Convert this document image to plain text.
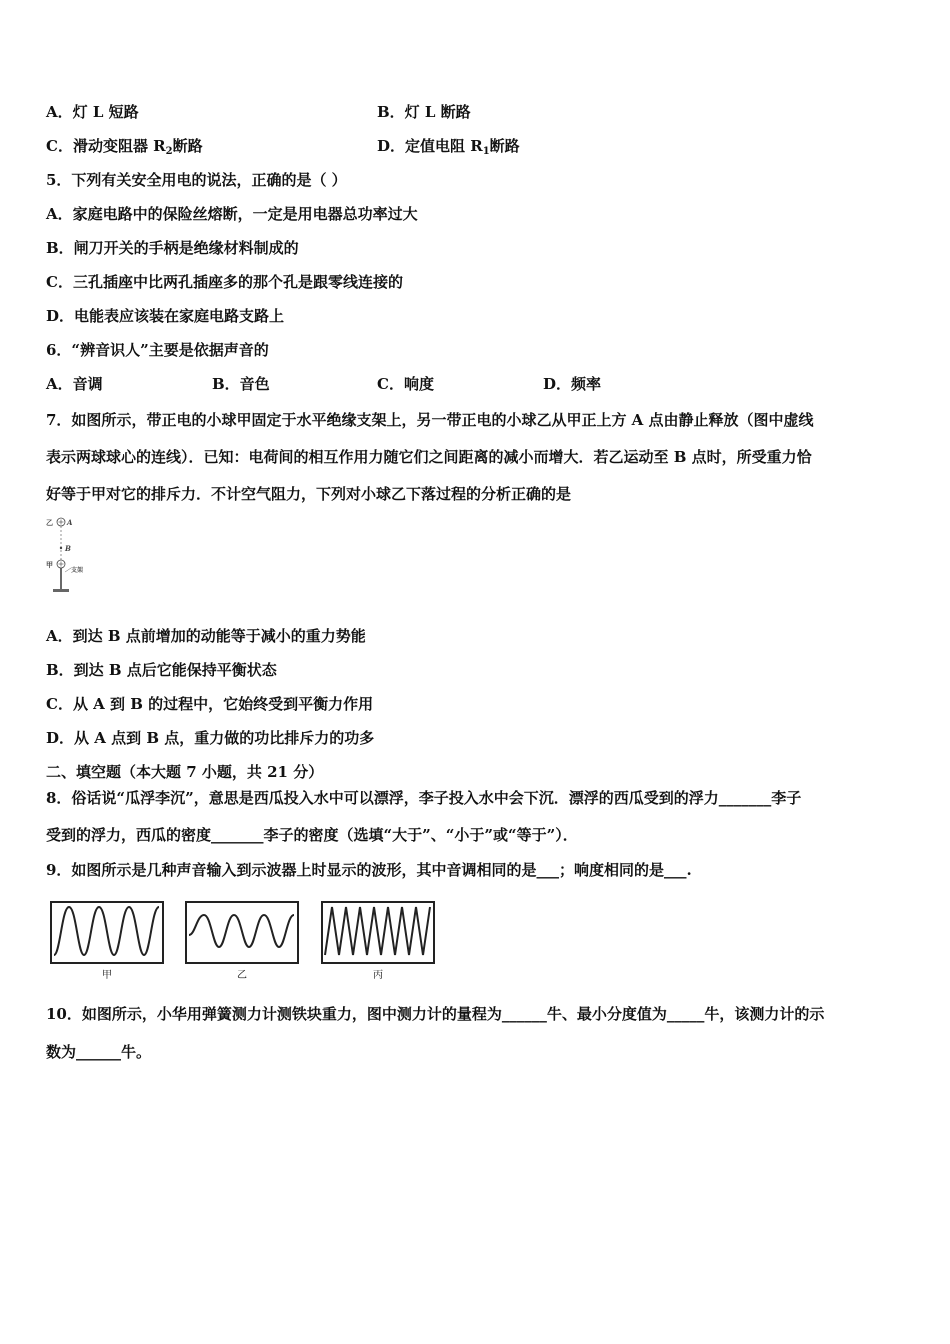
A．灯 L 短路	B．灯 L 断路
C．滑动变阻器 $R_2$断路	D．定值电阻 $R_1$断路
5．下列有关安全用电的说法，正确的是（ ）
A．家庭电路中的保险丝熔断，一定是用电器总功率过大
B．闸刀开关的手柄是绝缘材料制成的
C．三孔插座中比两孔插座多的那个孔是跟零线连接的
D．电能表应该装在家庭电路支路上
6．“辨音识人”主要是依据声音的
A．音调	B．音色	C．响度	D．频率
7．如图所示，带正电的小球甲固定于水平绝缘支架上，另一带正电的小球乙从甲正上方 A 点由静止释放（图中虚线
表示两球球心的连线）．已知：电荷间的相互作用力随它们之间距离的减小而增大．若乙运动至 B 点时，所受重力恰
好等于甲对它的排斥力．不计空气阻力，下列对小球乙下落过程的分析正确的是
乙 A
B
甲
支架
A．到达 B 点前增加的动能等于减小的重力势能
B．到达 B 点后它能保持平衡状态
C．从 A 到 B 的过程中，它始终受到平衡力作用
D．从 A 点到 B 点，重力做的功比排斥力的功多
二、填空题（本大题 7 小题，共 21 分）
8．俗话说“瓜浮李沉”，意思是西瓜投入水中可以漂浮，李子投入水中会下沉．漂浮的西瓜受到的浮力_______李子
受到的浮力，西瓜的密度_______李子的密度（选填“大于”、“小于”或“等于”）．
9．如图所示是几种声音输入到示波器上时显示的波形，其中音调相同的是___；响度相同的是___.
甲	乙	丙
10．如图所示，小华用弹簧测力计测铁块重力，图中测力计的量程为______牛、最小分度值为_____牛，该测力计的示
数为______牛。
